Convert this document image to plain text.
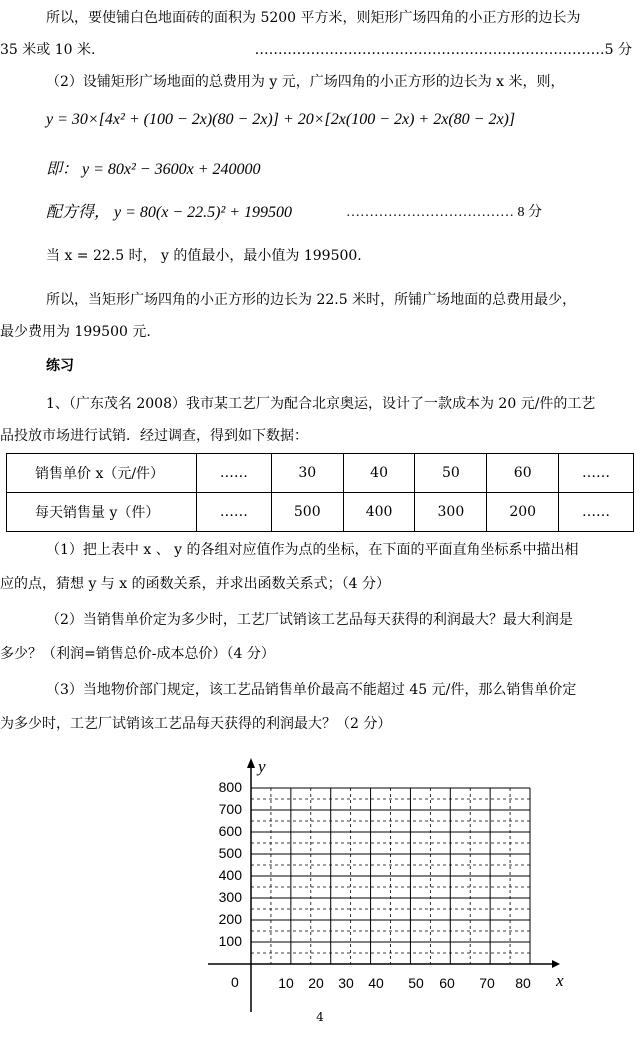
所以，要使铺白色地面砖的面积为 5200 平方米，则矩形广场四角的小正方形的边长为
35 米或 10 米.	…………………………………………………………………5 分
（2）设铺矩形广场地面的总费用为 y 元，广场四角的小正方形的边长为 x 米，则，
y = 30×[4x² + (100 − 2x)(80 − 2x)] + 20×[2x(100 − 2x) + 2x(80 − 2x)]
即： y = 80x² − 3600x + 240000
配方得， y = 80(x − 22.5)² + 199500	……………………………… 8 分
当 x = 22.5 时， y 的值最小，最小值为 199500.
所以，当矩形广场四角的小正方形的边长为 22.5 米时，所铺广场地面的总费用最少，
最少费用为 199500 元.
练习
1、（广东茂名 2008）我市某工艺厂为配合北京奥运，设计了一款成本为 20 元/件的工艺
品投放市场进行试销．经过调查，得到如下数据：
销售单价 x（元/件）	……	30	40	50	60	……
每天销售量 y（件）	……	500	400	300	200	……
（1）把上表中 x 、 y 的各组对应值作为点的坐标，在下面的平面直角坐标系中描出相
应的点，猜想 y 与 x 的函数关系，并求出函数关系式；（4 分）
（2）当销售单价定为多少时，工艺厂试销该工艺品每天获得的利润最大？最大利润是
多少？（利润=销售总价-成本总价）（4 分）
（3）当地物价部门规定，该工艺品销售单价最高不能超过 45 元/件，那么销售单价定
为多少时，工艺厂试销该工艺品每天获得的利润最大？（2 分）
y
x
0
800
700
600
500
400
300
200
100
10 20 30 40 50 60 70 80
4
